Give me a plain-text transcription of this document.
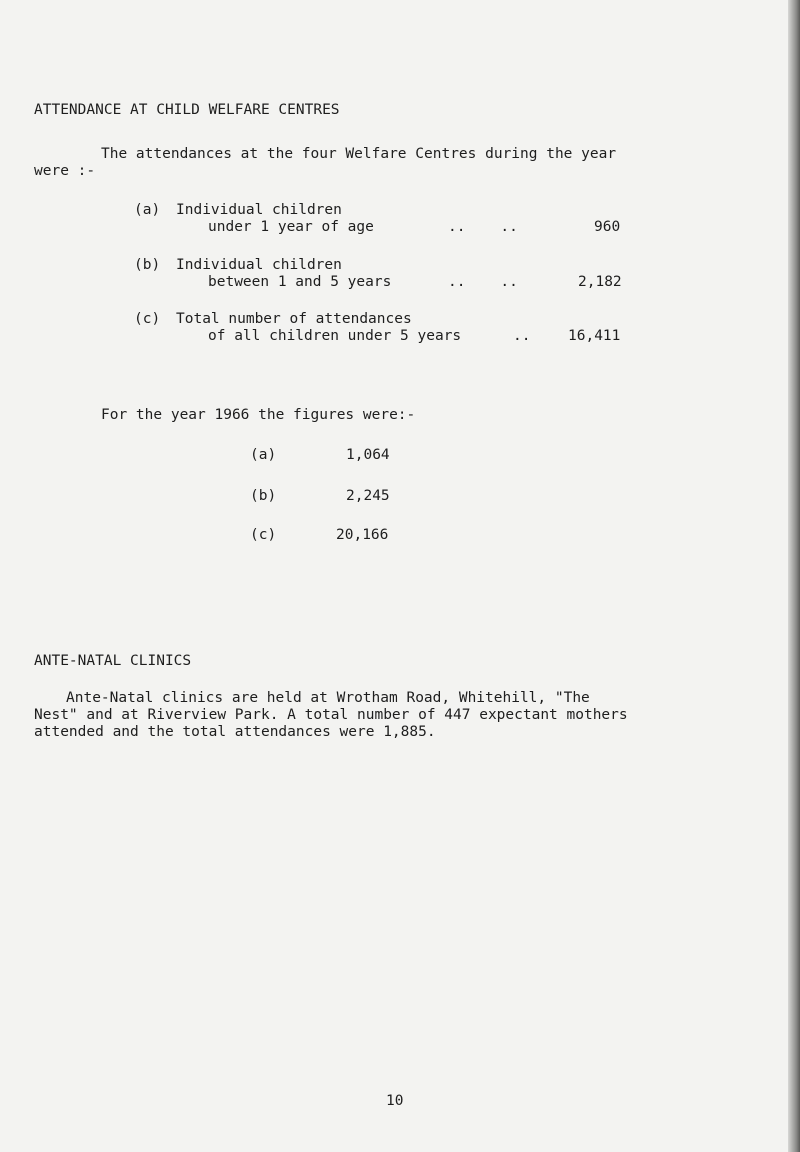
ATTENDANCE AT CHILD WELFARE CENTRES
The attendances at the four Welfare Centres during the year
were :-
(a) Individual children
under 1 year of age	..    ..	960
(b) Individual children
between 1 and 5 years	..    ..	2,182
(c) Total number of attendances
of all children under 5 years	..	16,411
For the year 1966 the figures were:-
(a)	1,064
(b)	2,245
(c)	20,166
ANTE-NATAL CLINICS
Ante-Natal clinics are held at Wrotham Road, Whitehill, "The
Nest" and at Riverview Park. A total number of 447 expectant mothers
attended and the total attendances were 1,885.
10
